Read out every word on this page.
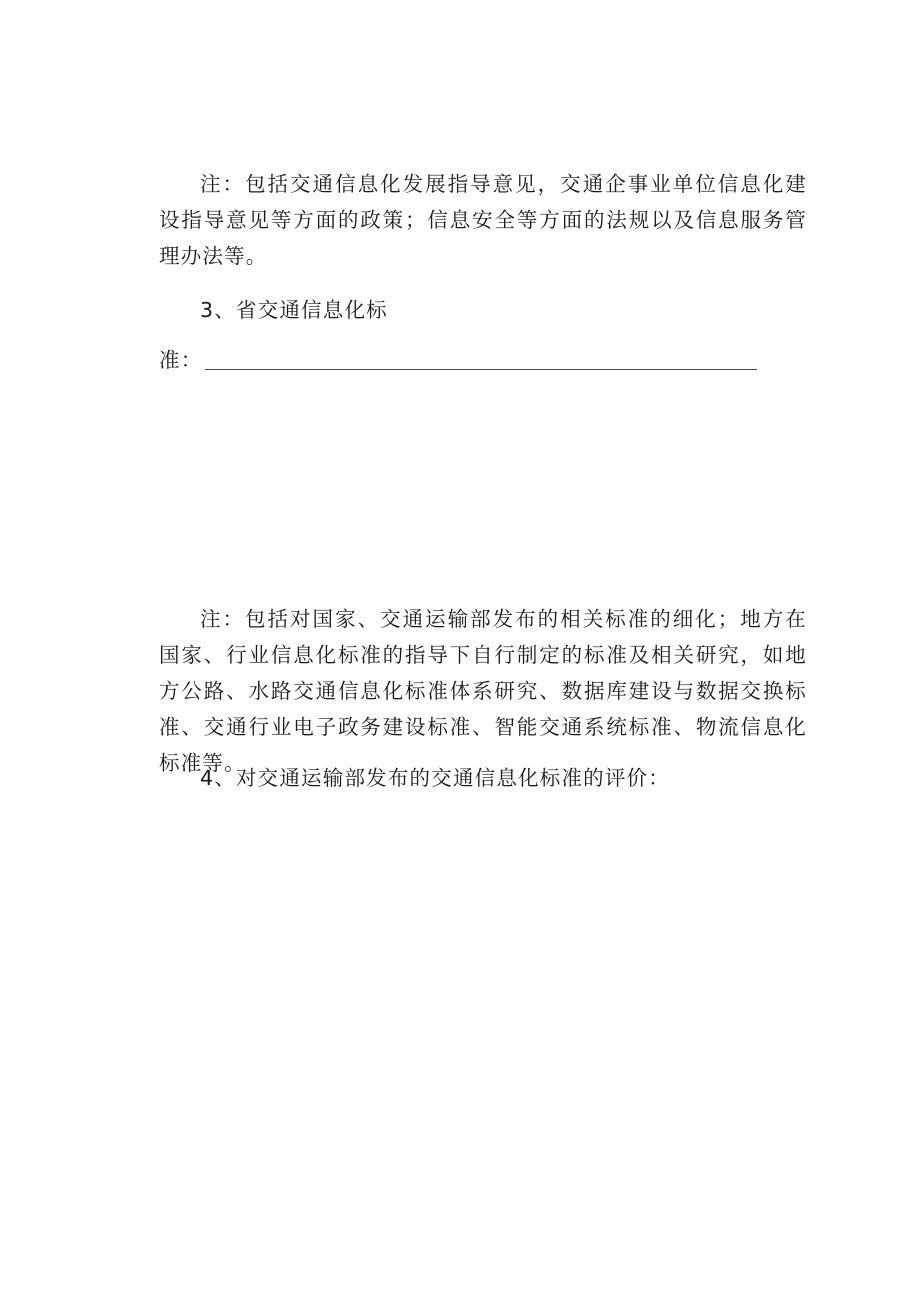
注：包括交通信息化发展指导意见，交通企事业单位信息化建设指导意见等方面的政策；信息安全等方面的法规以及信息服务管理办法等。

3、省交通信息化标

准：

注：包括对国家、交通运输部发布的相关标准的细化；地方在国家、行业信息化标准的指导下自行制定的标准及相关研究，如地方公路、水路交通信息化标准体系研究、数据库建设与数据交换标准、交通行业电子政务建设标准、智能交通系统标准、物流信息化标准等。

4、对交通运输部发布的交通信息化标准的评价：
